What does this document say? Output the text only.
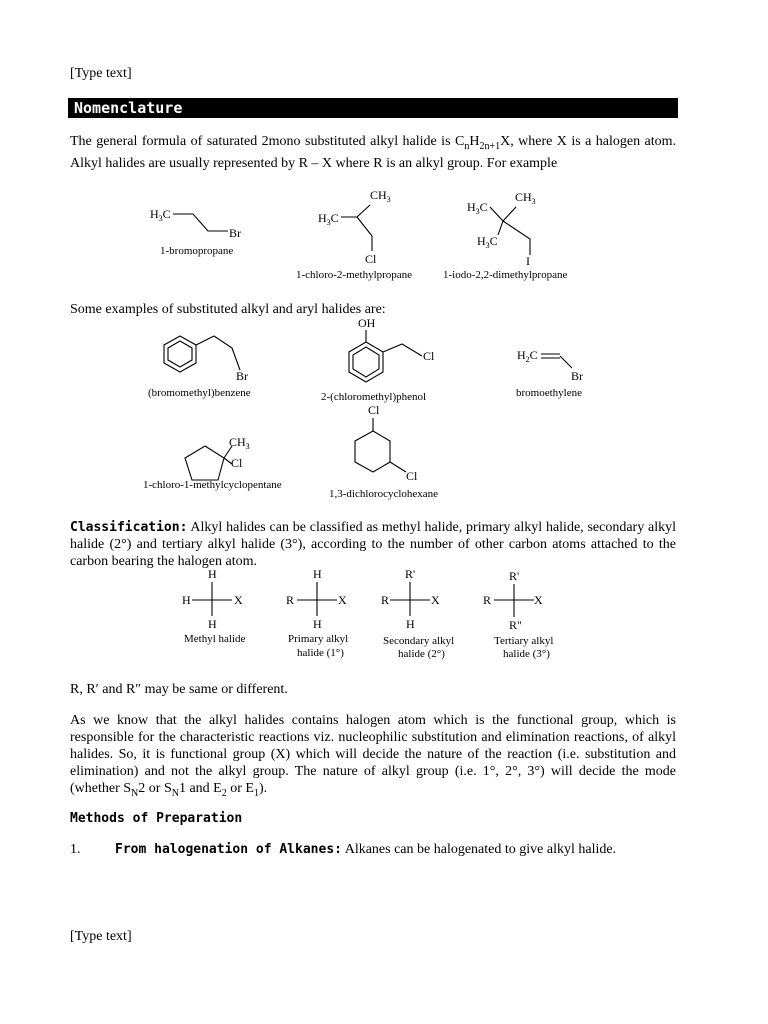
[Type text]
Nomenclature
The general formula of saturated 2mono substituted alkyl halide is $C_nH_{2n+1}X$, where X is a halogen atom. Alkyl halides are usually represented by R – X where R is an alkyl group. For example
$H_3C$
Br
1-bromopropane
$H_3C$
$CH_3$
Cl
1-chloro-2-methylpropane
$H_3C$
$CH_3$
$H_3C$
I
1-iodo-2,2-dimethylpropane
Some examples of substituted alkyl and aryl halides are:
Br
(bromomethyl)benzene
OH
Cl
2-(chloromethyl)phenol
$H_2C$
Br
bromoethylene
$CH_3$
Cl
1-chloro-1-methylcyclopentane
Cl
Cl
1,3-dichlorocyclohexane
Classification: Alkyl halides can be classified as methyl halide, primary alkyl halide, secondary alkyl halide (2°) and tertiary alkyl halide (3°), according to the number of other carbon atoms attached to the carbon bearing the halogen atom.
H
H	X
H
Methyl halide
H
R	X
H
Primary alkyl
halide (1°)
R'
R	X
H
Secondary alkyl
halide (2°)
R'
R	X
R"
Tertiary alkyl
halide (3°)
R, R′ and R″ may be same or different.
As we know that the alkyl halides contains halogen atom which is the functional group, which is responsible for the characteristic reactions viz. nucleophilic substitution and elimination reactions, of alkyl halides. So, it is functional group (X) which will decide the nature of the reaction (i.e. substitution and elimination) and not the alkyl group. The nature of alkyl group (i.e. 1°, 2°, 3°) will decide the mode (whether $S_N2$ or $S_N1$ and $E_2$ or $E_1$).
Methods of Preparation
1.	From halogenation of Alkanes: Alkanes can be halogenated to give alkyl halide.
[Type text]
